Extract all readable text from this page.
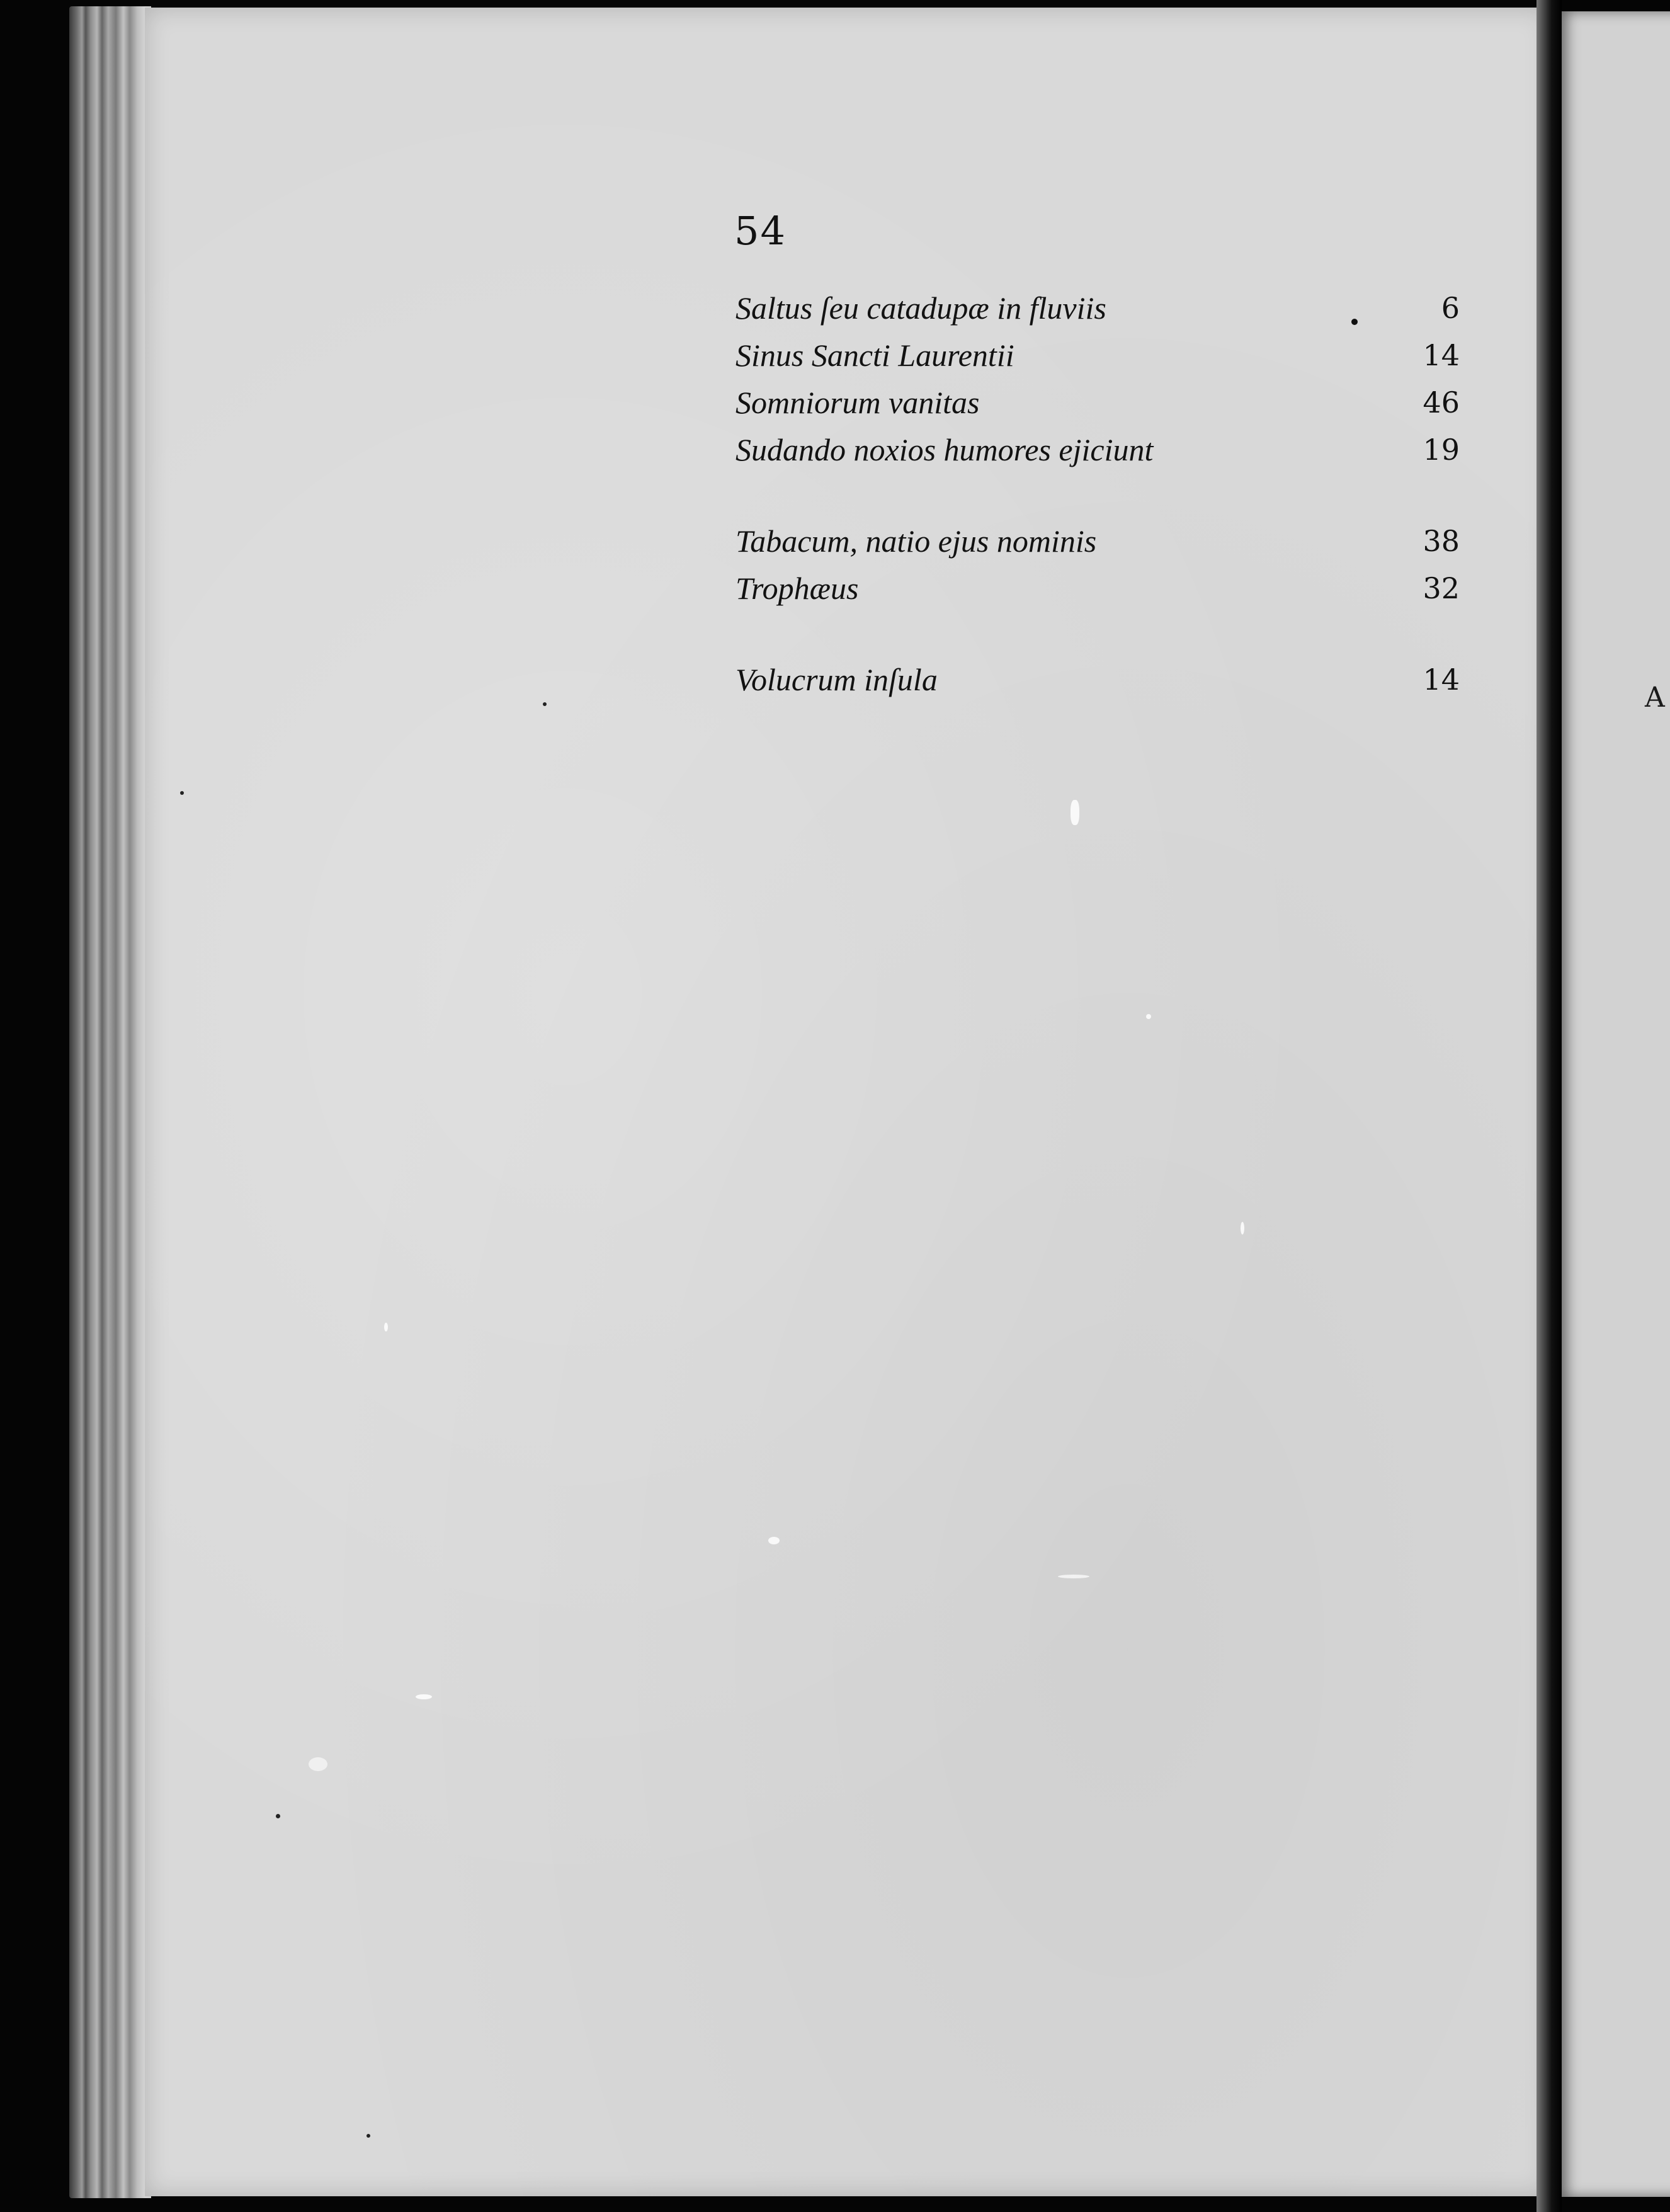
A
54
Saltus ſeu catadupæ in fluviis	6
Sinus Sancti Laurentii	14
Somniorum vanitas	46
Sudando noxios humores ejiciunt	19
Tabacum, natio ejus nominis	38
Trophæus	32
Volucrum inſula	14
